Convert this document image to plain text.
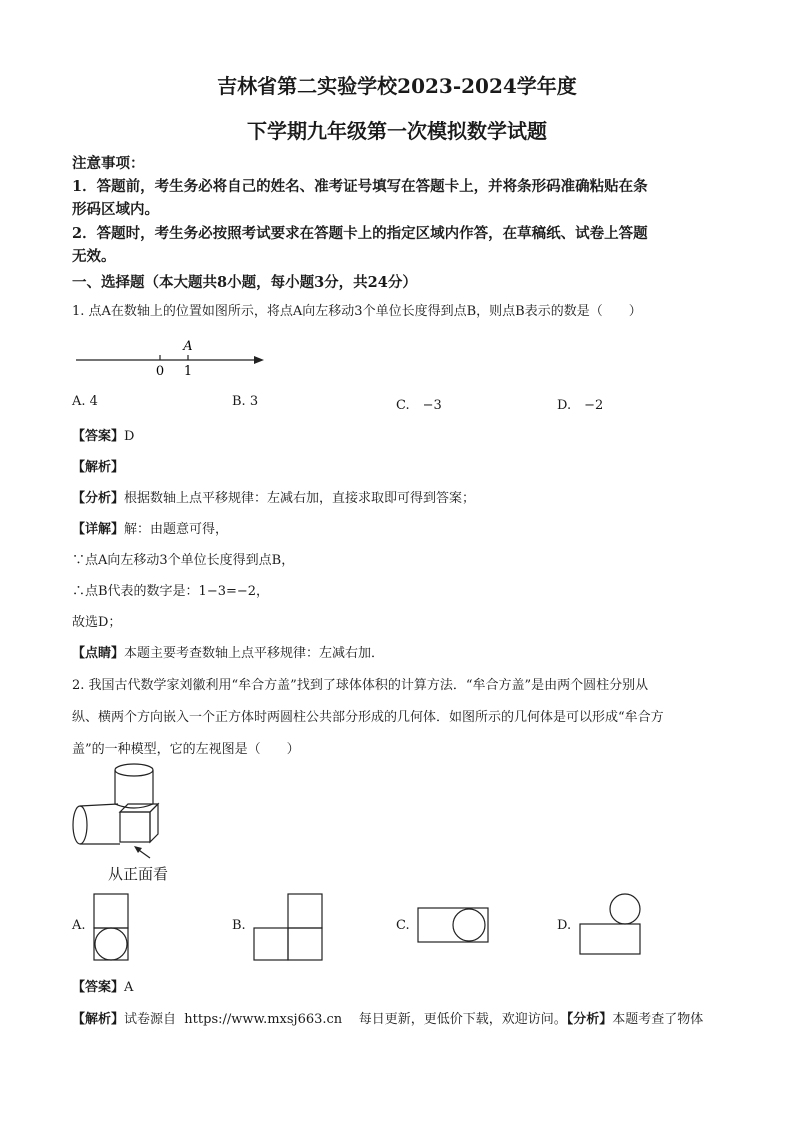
吉林省第二实验学校2023-2024学年度
下学期九年级第一次模拟数学试题
注意事项：
1．答题前，考生务必将自己的姓名、准考证号填写在答题卡上，并将条形码准确粘贴在条
形码区域内。
2．答题时，考生务必按照考试要求在答题卡上的指定区域内作答，在草稿纸、试卷上答题
无效。
一、选择题（本大题共8小题，每小题3分，共24分）
1. 点A在数轴上的位置如图所示，将点A向左移动3个单位长度得到点B，则点B表示的数是（　　）
A
0 1
A. 4	B. 3	C.　−3	D.　−2
【答案】D
【解析】
【分析】根据数轴上点平移规律：左减右加，直接求取即可得到答案；
【详解】解：由题意可得，
∵点A向左移动3个单位长度得到点B，
∴点B代表的数字是：1−3=−2，
故选D；
【点睛】本题主要考查数轴上点平移规律：左减右加．
2. 我国古代数学家刘徽利用“牟合方盖”找到了球体体积的计算方法．“牟合方盖”是由两个圆柱分别从
纵、横两个方向嵌入一个正方体时两圆柱公共部分形成的几何体．如图所示的几何体是可以形成“牟合方
盖”的一种模型，它的左视图是（　　）
从正面看
A.	B.	C.	D.
【答案】A
【解析】试卷源自 https://www.mxsj663.cn 每日更新，更低价下载，欢迎访问。【分析】本题考查了物体
